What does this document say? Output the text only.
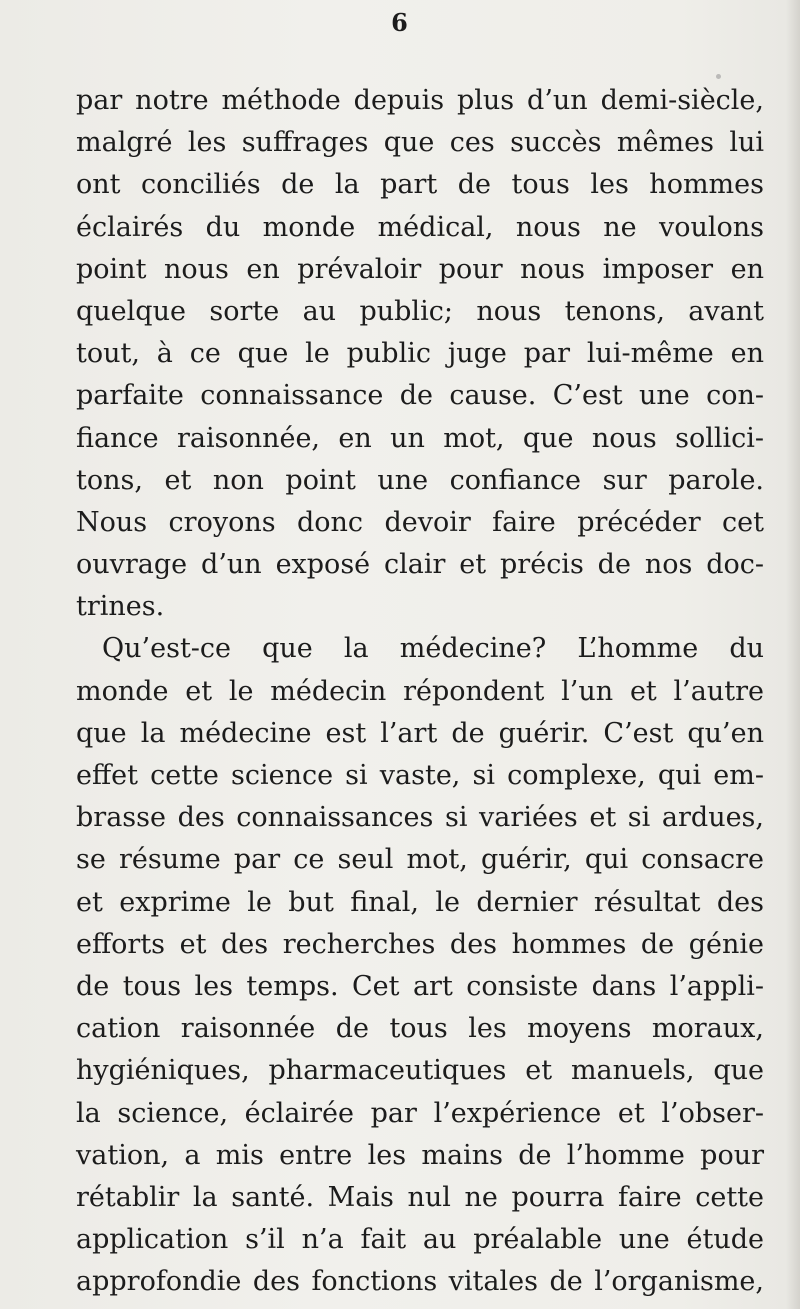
6
par notre méthode depuis plus d’un demi-siècle,
malgré les suffrages que ces succès mêmes lui
ont conciliés de la part de tous les hommes
éclairés du monde médical, nous ne voulons
point nous en prévaloir pour nous imposer en
quelque sorte au public; nous tenons, avant
tout, à ce que le public juge par lui-même en
parfaite connaissance de cause. C’est une con-
fiance raisonnée, en un mot, que nous sollici-
tons, et non point une confiance sur parole.
Nous croyons donc devoir faire précéder cet
ouvrage d’un exposé clair et précis de nos doc-
trines.
Qu’est-ce que la médecine? L’homme du
monde et le médecin répondent l’un et l’autre
que la médecine est l’art de guérir. C’est qu’en
effet cette science si vaste, si complexe, qui em-
brasse des connaissances si variées et si ardues,
se résume par ce seul mot, guérir, qui consacre
et exprime le but final, le dernier résultat des
efforts et des recherches des hommes de génie
de tous les temps. Cet art consiste dans l’appli-
cation raisonnée de tous les moyens moraux,
hygiéniques, pharmaceutiques et manuels, que
la science, éclairée par l’expérience et l’obser-
vation, a mis entre les mains de l’homme pour
rétablir la santé. Mais nul ne pourra faire cette
application s’il n’a fait au préalable une étude
approfondie des fonctions vitales de l’organisme,
